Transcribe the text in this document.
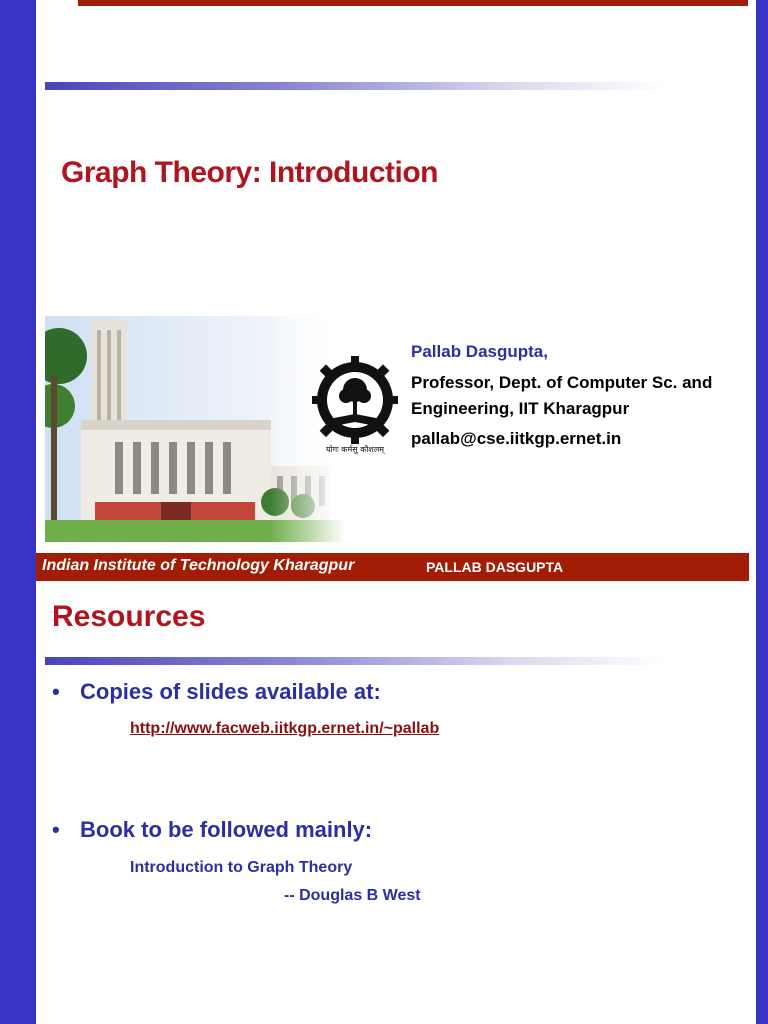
Graph Theory: Introduction
योगः कर्मसु कौशलम्

Pallab Dasgupta,

Professor, Dept. of Computer Sc. and

Engineering, IIT Kharagpur

pallab@cse.iitkgp.ernet.in

Indian Institute of Technology Kharagpur	PALLAB DASGUPTA
Resources
• Copies of slides available at:
http://www.facweb.iitkgp.ernet.in/~pallab
• Book to be followed mainly:
Introduction to Graph Theory
-- Douglas B West
